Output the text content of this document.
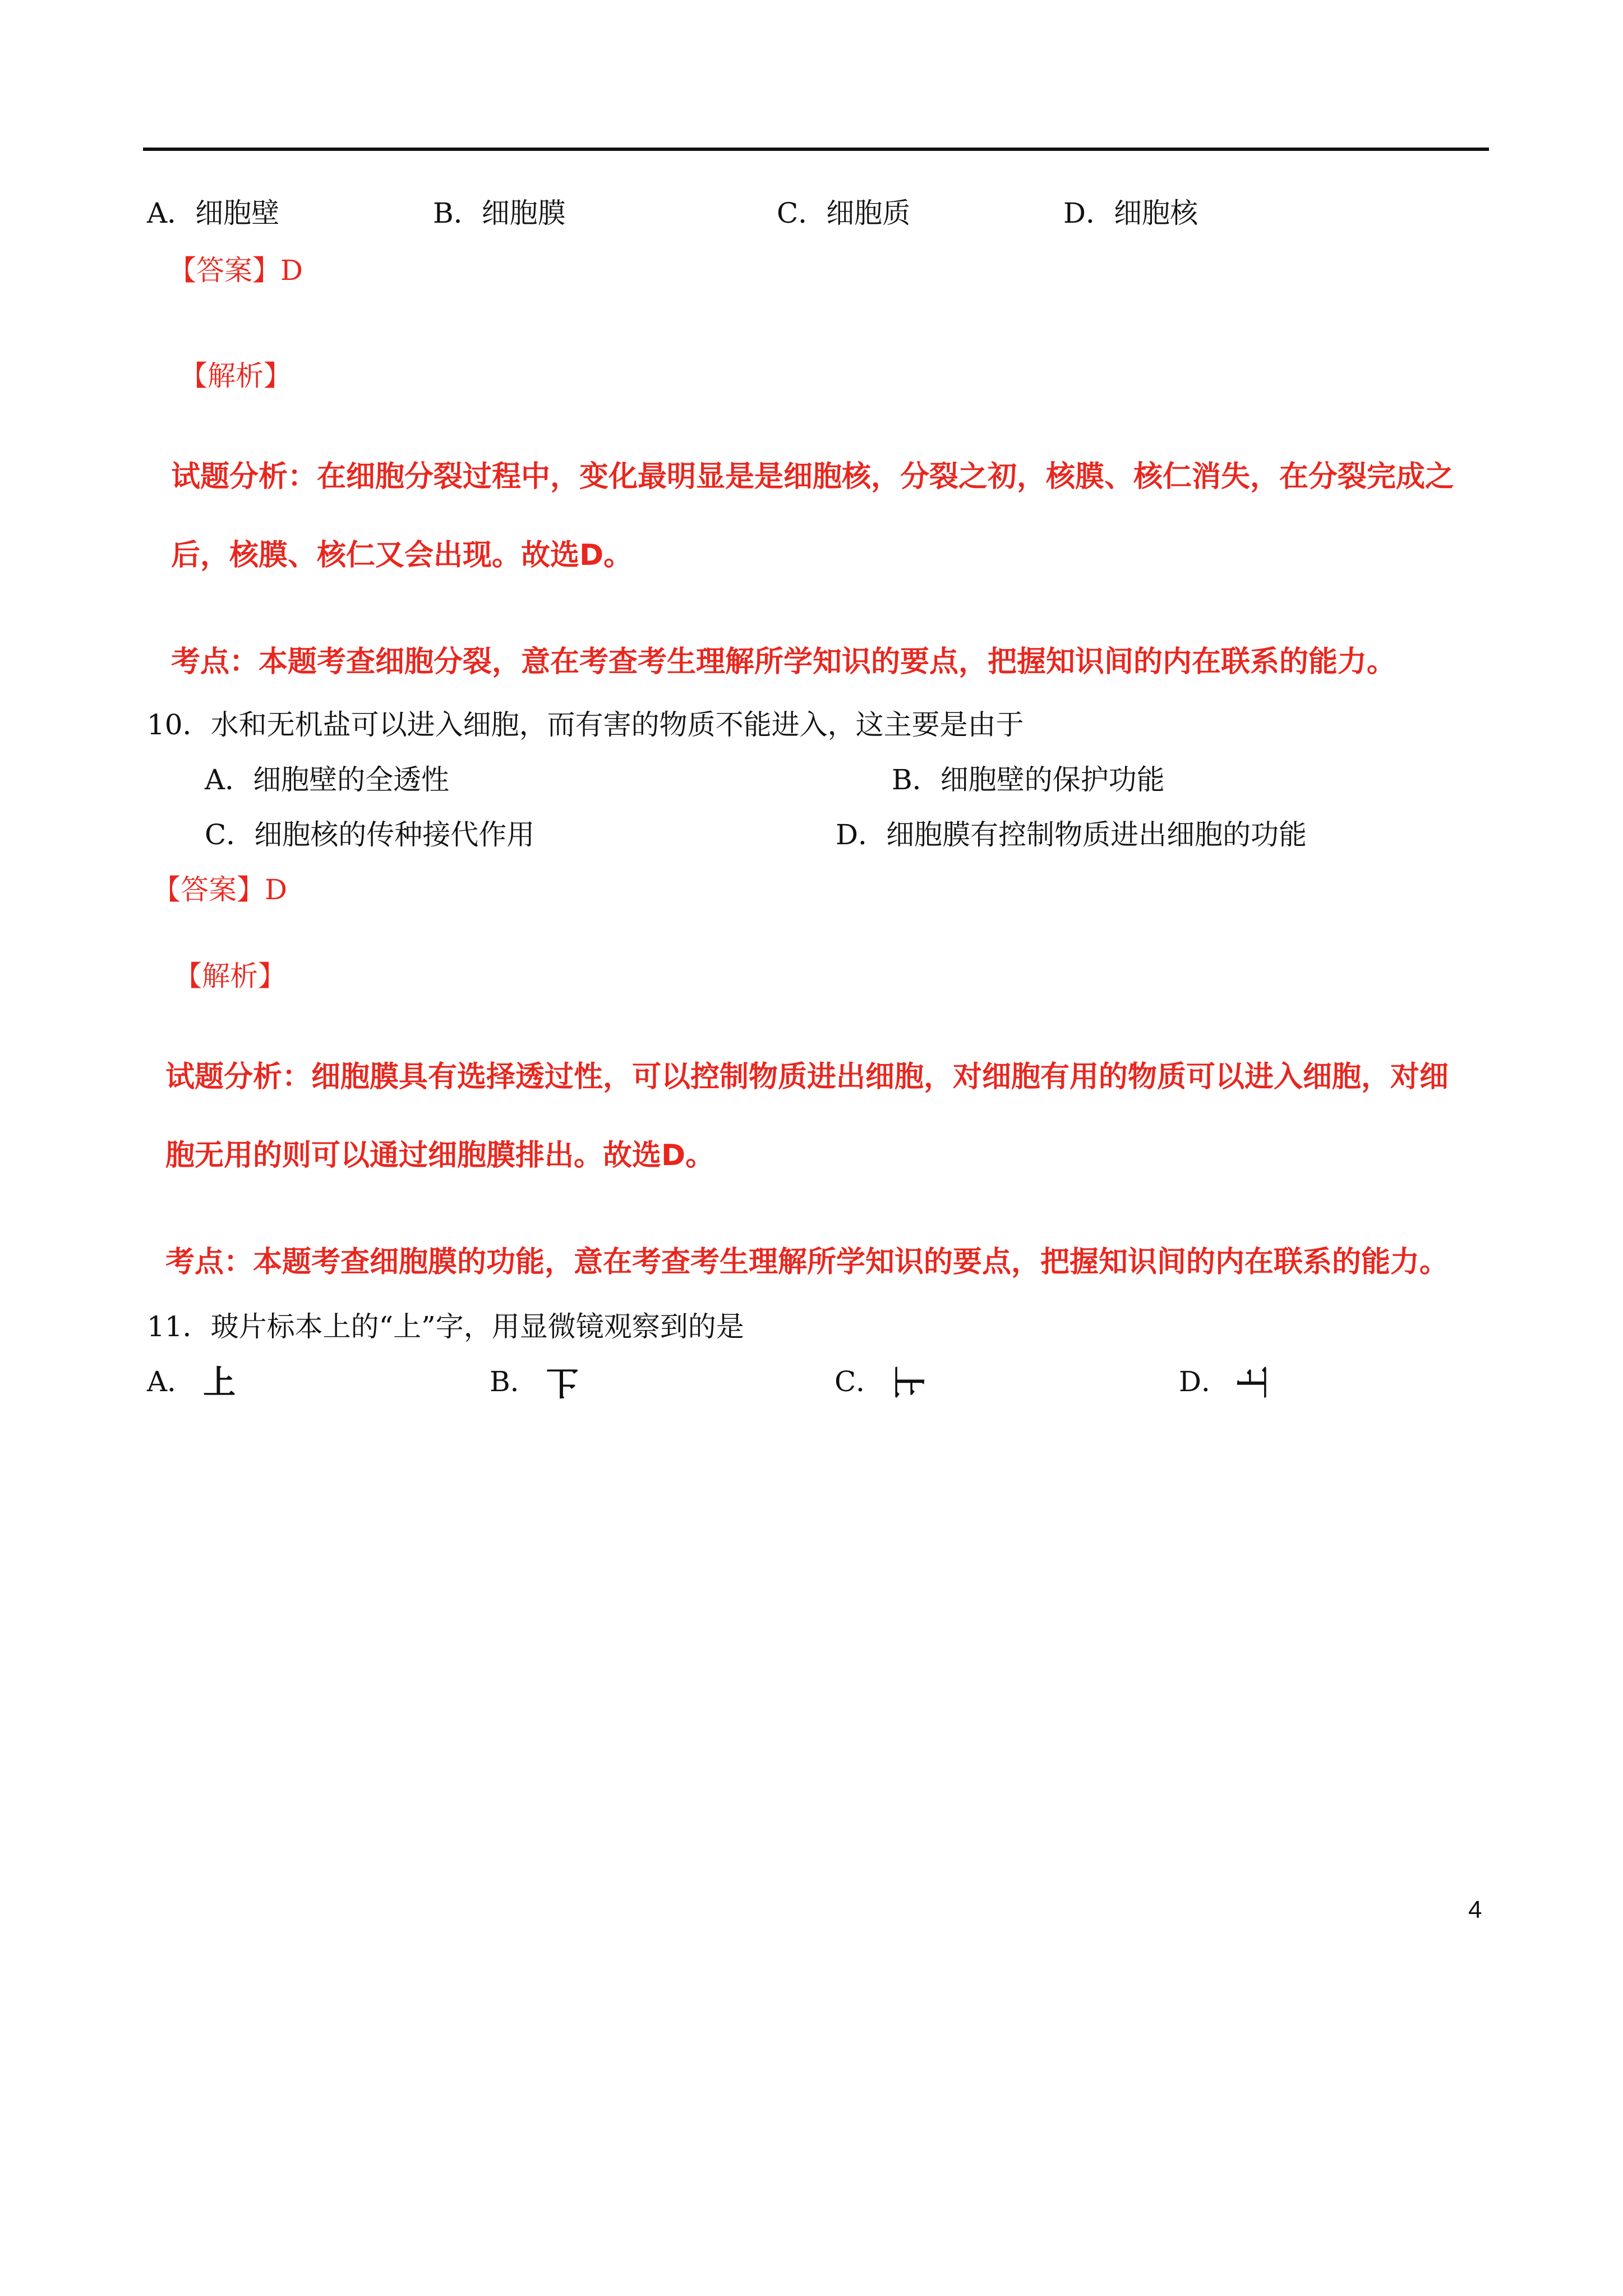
A．细胞壁	B．细胞膜	C．细胞质	D．细胞核
【答案】D
【解析】
试题分析：在细胞分裂过程中，变化最明显是是细胞核，分裂之初，核膜、核仁消失，在分裂完成之
后，核膜、核仁又会出现。故选D。
考点：本题考查细胞分裂，意在考查考生理解所学知识的要点，把握知识间的内在联系的能力。
10．水和无机盐可以进入细胞，而有害的物质不能进入，这主要是由于
A．细胞壁的全透性	B．细胞壁的保护功能
C．细胞核的传种接代作用	D．细胞膜有控制物质进出细胞的功能
【答案】D
【解析】
试题分析：细胞膜具有选择透过性，可以控制物质进出细胞，对细胞有用的物质可以进入细胞，对细
胞无用的则可以通过细胞膜排出。故选D。
考点：本题考查细胞膜的功能，意在考查考生理解所学知识的要点，把握知识间的内在联系的能力。
11．玻片标本上的“上”字，用显微镜观察到的是
A． 上	B． 上	C． 上	D． 上
4
